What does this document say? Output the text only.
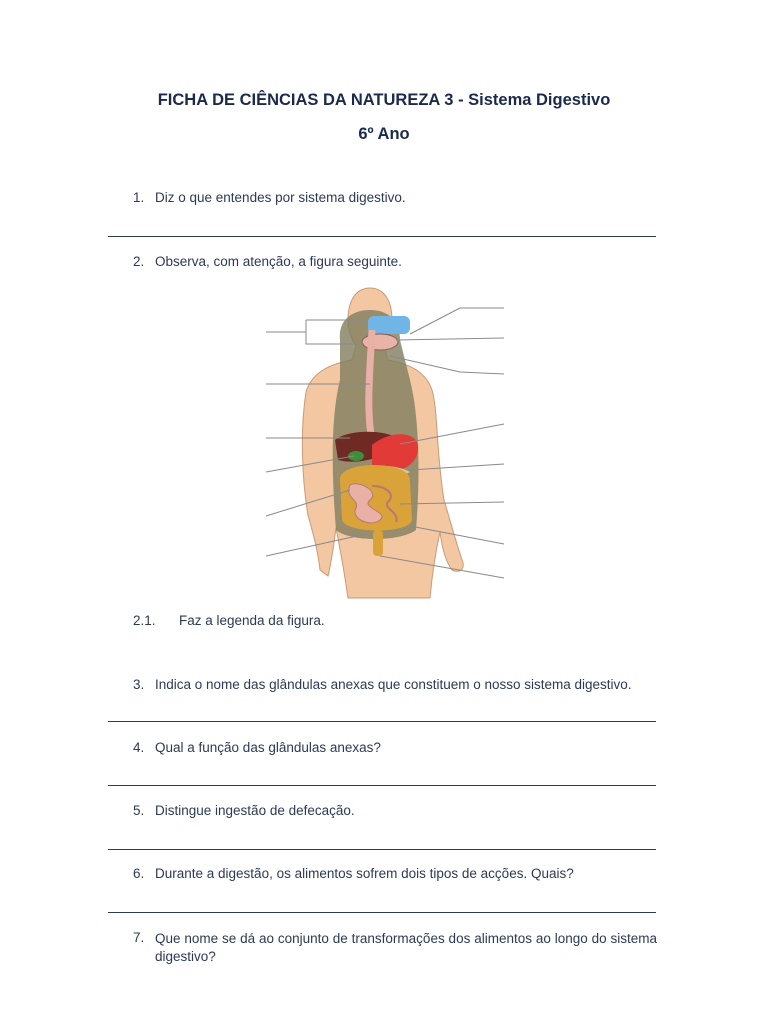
FICHA DE CIÊNCIAS DA NATUREZA 3 - Sistema Digestivo
6º Ano
1. Diz o que entendes por sistema digestivo.
2. Observa, com atenção, a figura seguinte.
2.1. Faz a legenda da figura.
3. Indica o nome das glândulas anexas que constituem o nosso sistema digestivo.
4. Qual a função das glândulas anexas?
5. Distingue ingestão de defecação.
6. Durante a digestão, os alimentos sofrem dois tipos de acções. Quais?
7. Que nome se dá ao conjunto de transformações dos alimentos ao longo do sistema digestivo?
